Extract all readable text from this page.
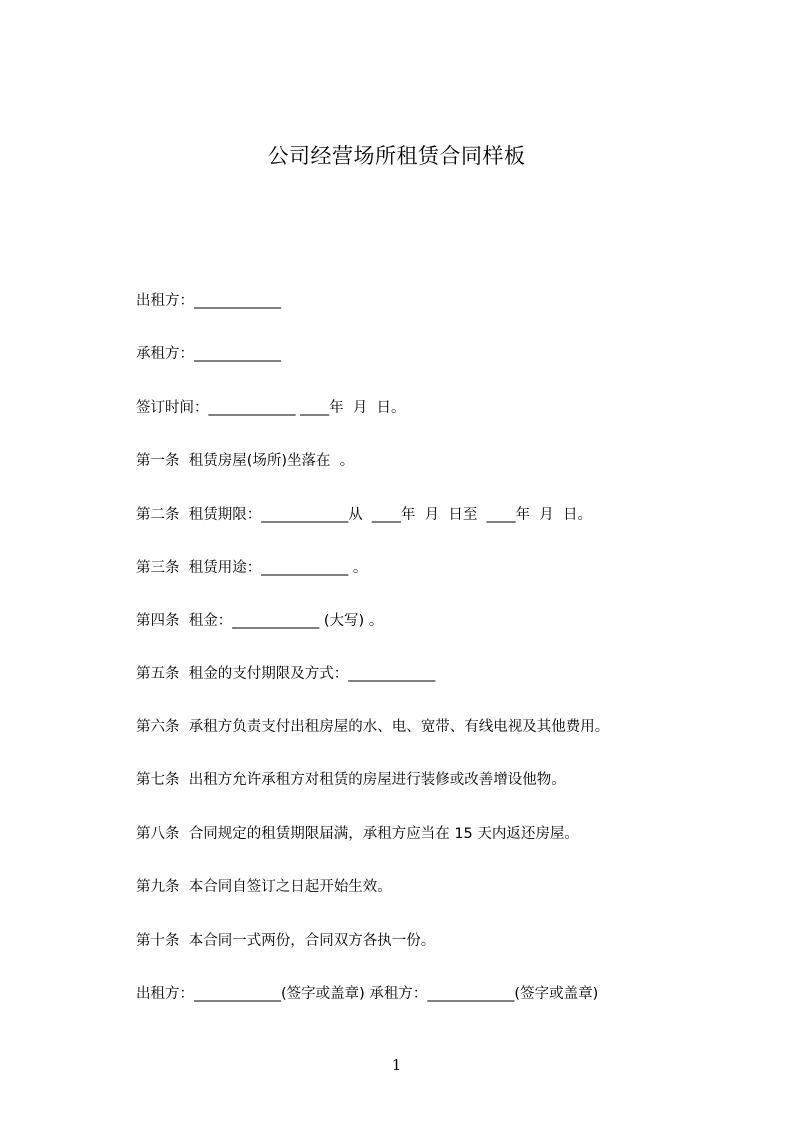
公司经营场所租赁合同样板
出租方：____________
承租方：____________
签订时间：____________ ____年  月  日。
第一条  租赁房屋(场所)坐落在  。
第二条  租赁期限：____________从  ____年  月  日至  ____年  月  日。
第三条  租赁用途：____________ 。
第四条  租金：____________ (大写) 。
第五条  租金的支付期限及方式：____________
第六条  承租方负责支付出租房屋的水、电、宽带、有线电视及其他费用。
第七条  出租方允许承租方对租赁的房屋进行装修或改善增设他物。
第八条  合同规定的租赁期限届满，承租方应当在 15 天内返还房屋。
第九条  本合同自签订之日起开始生效。
第十条  本合同一式两份，合同双方各执一份。
出租方：____________(签字或盖章) 承租方：____________(签字或盖章)
1
